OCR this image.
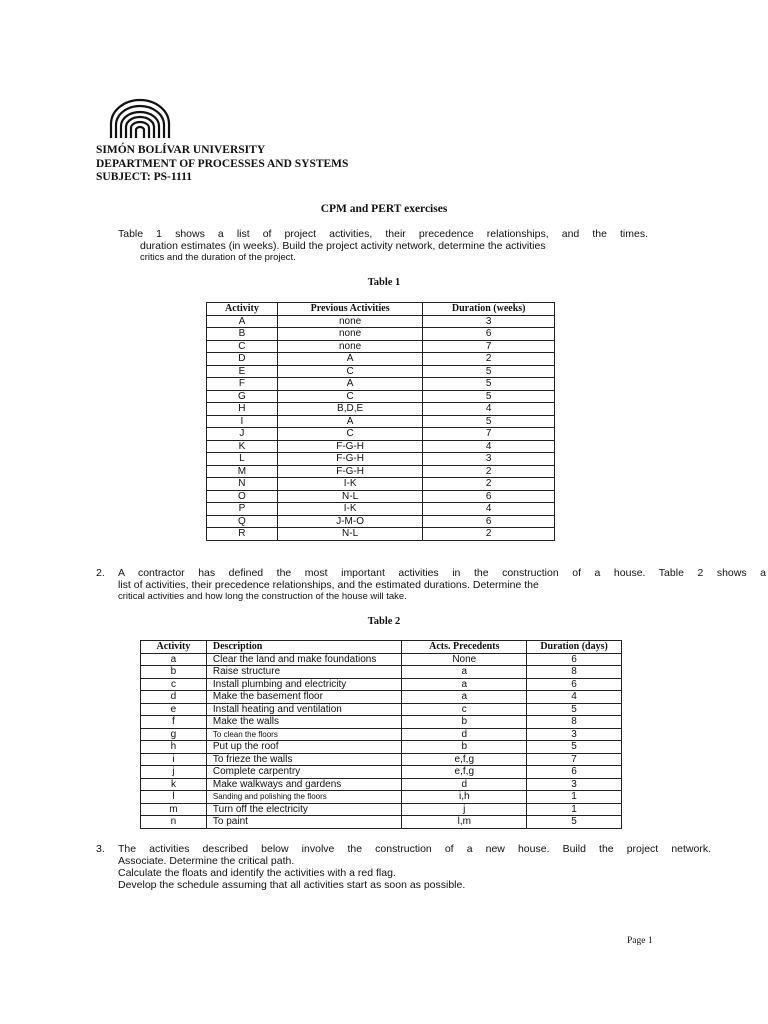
SIMÓN BOLÍVAR UNIVERSITY
DEPARTMENT OF PROCESSES AND SYSTEMS
SUBJECT: PS-1111
CPM and PERT exercises
Table 1 shows a list of project activities, their precedence relationships, and the times.
duration estimates (in weeks). Build the project activity network, determine the activities
critics and the duration of the project.
Table 1
Activity	Previous Activities	Duration (weeks)
A	none	3
B	none	6
C	none	7
D	A	2
E	C	5
F	A	5
G	C	5
H	B,D,E	4
I	A	5
J	C	7
K	F-G-H	4
L	F-G-H	3
M	F-G-H	2
N	I-K	2
O	N-L	6
P	I-K	4
Q	J-M-O	6
R	N-L	2
2. A contractor has defined the most important activities in the construction of a house. Table 2 shows a
list of activities, their precedence relationships, and the estimated durations. Determine the
critical activities and how long the construction of the house will take.
Table 2
Activity	Description	Acts. Precedents	Duration (days)
a	Clear the land and make foundations	None	6
b	Raise structure	a	8
c	Install plumbing and electricity	a	6
d	Make the basement floor	a	4
e	Install heating and ventilation	c	5
f	Make the walls	b	8
g	To clean the floors	d	3
h	Put up the roof	b	5
i	To frieze the walls	e,f,g	7
j	Complete carpentry	e,f,g	6
k	Make walkways and gardens	d	3
l	Sanding and polishing the floors	i,h	1
m	Turn off the electricity	j	1
n	To paint	l,m	5
3. The activities described below involve the construction of a new house. Build the project network.
Associate. Determine the critical path.
Calculate the floats and identify the activities with a red flag.
Develop the schedule assuming that all activities start as soon as possible.
Page 1
